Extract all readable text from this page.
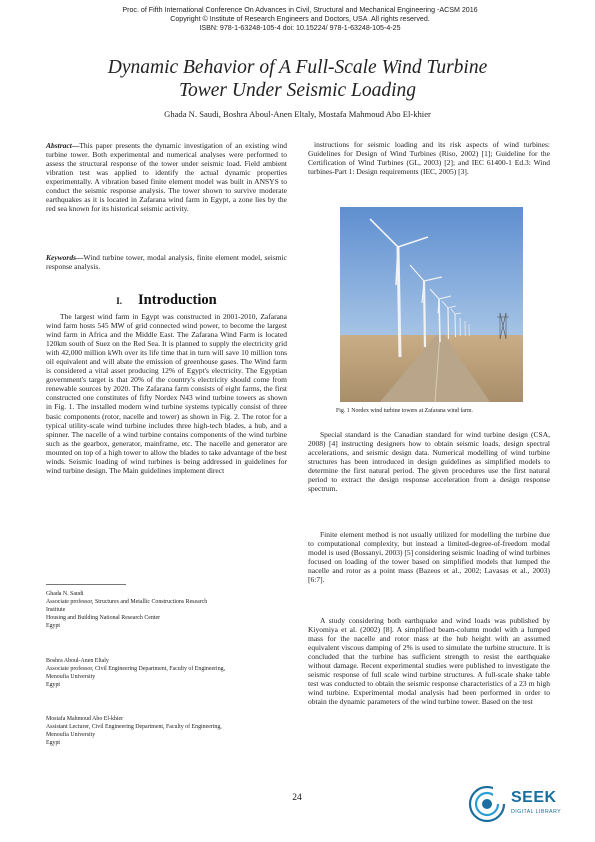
Proc. of Fifth International Conference On Advances in Civil, Structural and Mechanical Engineering -ACSM 2016
Copyright © Institute of Research Engineers and Doctors, USA .All rights reserved.
ISBN: 978-1-63248-105-4 doi: 10.15224/ 978-1-63248-105-4-25
Dynamic Behavior of A Full-Scale Wind Turbine
Tower Under Seismic Loading
Ghada N. Saudi, Boshra Aboul-Anen Eltaly, Mostafa Mahmoud Abo El-khier

Abstract—This paper presents the dynamic investigation of an existing wind turbine tower. Both experimental and numerical analyses were performed to assess the structural response of the tower under seismic load. Field ambient vibration test was applied to identify the actual dynamic properties experimentally. A vibration based finite element model was built in ANSYS to conduct the seismic response analysis. The tower shown to survive moderate earthquakes as it is located in Zafarana wind farm in Egypt, a zone lies by the red sea known for its historical seismic activity.

Keywords—Wind turbine tower, modal analysis, finite element model, seismic response analysis.

I. Introduction

The largest wind farm in Egypt was constructed in 2001-2010, Zafarana wind farm hosts 545 MW of grid connected wind power, to become the largest wind farm in Africa and the Middle East. The Zafarana Wind Farm is located 120km south of Suez on the Red Sea. It is planned to supply the electricity grid with 42,000 million kWh over its life time that in turn will save 10 million tons oil equivalent and will abate the emission of greenhouse gases. The Wind farm is considered a vital asset producing 12% of Egypt's electricity. The Egyptian government's target is that 20% of the country's electricity should come from renewable sources by 2020. The Zafarana farm consists of eight farms, the first constructed one constitutes of fifty Nordex N43 wind turbine towers as shown in Fig. 1. The installed modern wind turbine systems typically consist of three basic components (rotor, nacelle and tower) as shown in Fig. 2. The rotor for a typical utility-scale wind turbine includes three high-tech blades, a hub, and a spinner. The nacelle of a wind turbine contains components of the wind turbine such as the gearbox, generator, mainframe, etc. The nacelle and generator are mounted on top of a high tower to allow the blades to take advantage of the best winds. Seismic loading of wind turbines is being addressed in guidelines for wind turbine design. The Main guidelines implement direct

Ghada N. Saudi
Associate professor, Structures and Metallic Constructions Research
Institute
Housing and Building National Research Center
Egypt
Boshra Aboul-Anen Eltaly
Associate professor, Civil Engineering Department, Faculty of Engineering,
Menoufia University
Egypt
Mostafa Mahmoud Abo El-khier
Assistant Lecturer, Civil Engineering Department, Faculty of Engineering,
Menoufia University
Egypt

instructions for seismic loading and its risk aspects of wind turbines: Guidelines for Design of Wind Turbines (Riso, 2002) [1]; Guideline for the Certification of Wind Turbines (GL, 2003) [2]; and IEC 61400-1 Ed.3: Wind turbines-Part 1: Design requirements (IEC, 2005) [3].

Fig. 1 Nordex wind turbine towers at Zafarana wind farm.

Special standard is the Canadian standard for wind turbine design (CSA, 2008) [4] instructing designers how to obtain seismic loads, design spectral accelerations, and seismic design data. Numerical modelling of wind turbine structures has been introduced in design guidelines as simplified models to determine the first natural period. The given procedures use the first natural period to extract the design response acceleration from a design response spectrum.

Finite element method is not usually utilized for modelling the turbine due to computational complexity, but instead a limited-degree-of-freedom modal model is used (Bossanyi, 2003) [5] considering seismic loading of wind turbines focused on loading of the tower based on simplified models that lumped the nacelle and rotor as a point mass (Bazeos et al., 2002; Lavasas et al., 2003) [6:7].

A study considering both earthquake and wind loads was published by Kiyomiya et al. (2002) [8]. A simplified beam-column model with a lumped mass for the nacelle and rotor mass at the hub height with an assumed equivalent viscous damping of 2% is used to simulate the turbine structure. It is concluded that the turbine has sufficient strength to resist the earthquake without damage. Recent experimental studies were published to investigate the seismic response of full scale wind turbine structures. A full-scale shake table test was conducted to obtain the seismic response characteristics of a 23 m high wind turbine. Experimental modal analysis had been performed in order to obtain the dynamic parameters of the wind turbine tower. Based on the test

24	SEEK
DIGITAL LIBRARY
